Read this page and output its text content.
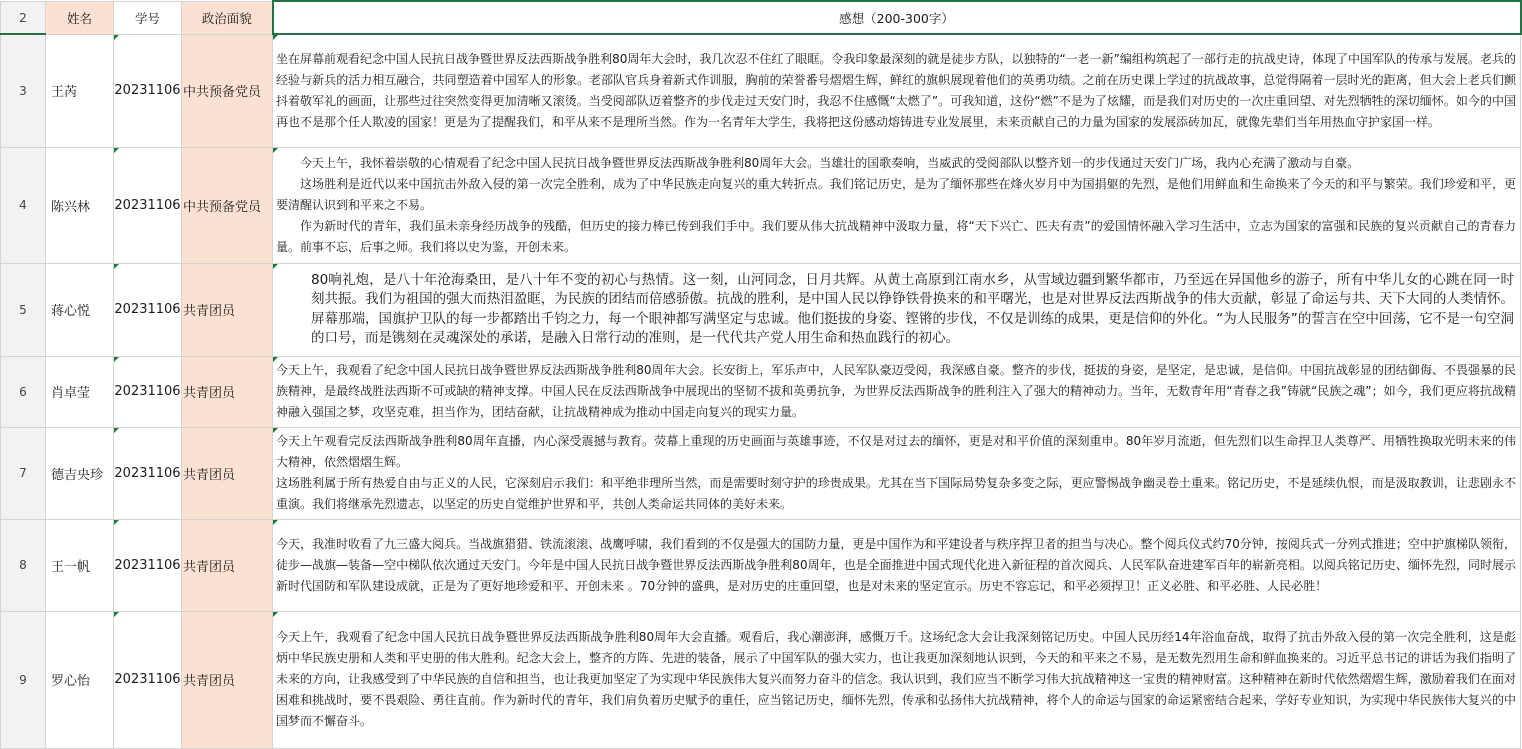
2	姓名	学号	政治面貌	感想（200-300字）
3	王芮	20231106	中共预备党员	坐在屏幕前观看纪念中国人民抗日战争暨世界反法西斯战争胜利80周年大会时，我几次忍不住红了眼眶。令我印象最深刻的就是徒步方队，以独特的“一老一新”编组构筑起了一部行走的抗战史诗，体现了中国军队的传承与发展。老兵的经验与新兵的活力相互融合，共同塑造着中国军人的形象。老部队官兵身着新式作训服，胸前的荣誉番号熠熠生辉，鲜红的旗帜展现着他们的英勇功绩。之前在历史课上学过的抗战故事，总觉得隔着一层时光的距离，但大会上老兵们颤抖着敬军礼的画面，让那些过往突然变得更加清晰又滚烫。当受阅部队迈着整齐的步伐走过天安门时，我忍不住感慨“太燃了”。可我知道，这份“燃”不是为了炫耀，而是我们对历史的一次庄重回望、对先烈牺牲的深切缅怀。如今的中国再也不是那个任人欺凌的国家！更是为了提醒我们，和平从来不是理所当然。作为一名青年大学生，我将把这份感动熔铸进专业发展里，未来贡献自己的力量为国家的发展添砖加瓦，就像先辈们当年用热血守护家国一样。

4	陈兴林	20231106	中共预备党员	今天上午，我怀着崇敬的心情观看了纪念中国人民抗日战争暨世界反法西斯战争胜利80周年大会。当雄壮的国歌奏响，当威武的受阅部队以整齐划一的步伐通过天安门广场，我内心充满了激动与自豪。
这场胜利是近代以来中国抗击外敌入侵的第一次完全胜利，成为了中华民族走向复兴的重大转折点。我们铭记历史，是为了缅怀那些在烽火岁月中为国捐躯的先烈，是他们用鲜血和生命换来了今天的和平与繁荣。我们珍爱和平，更要清醒认识到和平来之不易。
作为新时代的青年，我们虽未亲身经历战争的残酷，但历史的接力棒已传到我们手中。我们要从伟大抗战精神中汲取力量，将“天下兴亡、匹夫有责”的爱国情怀融入学习生活中，立志为国家的富强和民族的复兴贡献自己的青春力量。前事不忘，后事之师。我们将以史为鉴，开创未来。

5	蒋心悦	20231106	共青团员	80响礼炮，是八十年沧海桑田，是八十年不变的初心与热情。这一刻，山河同念，日月共辉。从黄土高原到江南水乡，从雪域边疆到繁华都市，乃至远在异国他乡的游子，所有中华儿女的心跳在同一时刻共振。我们为祖国的强大而热泪盈眶，为民族的团结而倍感骄傲。抗战的胜利，是中国人民以铮铮铁骨换来的和平曙光，也是对世界反法西斯战争的伟大贡献，彰显了命运与共、天下大同的人类情怀。屏幕那端，国旗护卫队的每一步都踏出千钧之力，每一个眼神都写满坚定与忠诚。他们挺拔的身姿、铿锵的步伐，不仅是训练的成果，更是信仰的外化。“为人民服务”的誓言在空中回荡，它不是一句空洞的口号，而是镌刻在灵魂深处的承诺，是融入日常行动的准则，是一代代共产党人用生命和热血践行的初心。

6	肖卓莹	20231106	共青团员	今天上午，我观看了纪念中国人民抗日战争暨世界反法西斯战争胜利80周年大会。长安街上，军乐声中，人民军队豪迈受阅，我深感自豪。整齐的步伐，挺拔的身姿，是坚定，是忠诚，是信仰。中国抗战彰显的团结御侮、不畏强暴的民族精神，是最终战胜法西斯不可或缺的精神支撑。中国人民在反法西斯战争中展现出的坚韧不拔和英勇抗争，为世界反法西斯战争的胜利注入了强大的精神动力。当年，无数青年用“青春之我”铸就“民族之魂”；如今，我们更应将抗战精神融入强国之梦，攻坚克难，担当作为，团结奋献，让抗战精神成为推动中国走向复兴的现实力量。

7	德吉央珍	20231106	共青团员	今天上午观看完反法西斯战争胜利80周年直播，内心深受震撼与教育。荧幕上重现的历史画面与英雄事迹，不仅是对过去的缅怀，更是对和平价值的深刻重申。80年岁月流逝，但先烈们以生命捍卫人类尊严、用牺牲换取光明未来的伟大精神，依然熠熠生辉。
这场胜利属于所有热爱自由与正义的人民，它深刻启示我们：和平绝非理所当然，而是需要时刻守护的珍贵成果。尤其在当下国际局势复杂多变之际，更应警惕战争幽灵卷土重来。铭记历史，不是延续仇恨，而是汲取教训，让悲剧永不重演。我们将继承先烈遗志，以坚定的历史自觉维护世界和平，共创人类命运共同体的美好未来。

8	王一帆	20231106	共青团员	今天，我准时收看了九三盛大阅兵。当战旗猎猎、铁流滚滚、战鹰呼啸，我们看到的不仅是强大的国防力量，更是中国作为和平建设者与秩序捍卫者的担当与决心。整个阅兵仪式约70分钟，按阅兵式一分列式推进；空中护旗梯队领衔，徒步—战旗—装备—空中梯队依次通过天安门。今年是中国人民抗日战争暨世界反法西斯战争胜利80周年，也是全面推进中国式现代化进入新征程的首次阅兵、人民军队奋进建军百年的崭新亮相。以阅兵铭记历史、缅怀先烈，同时展示新时代国防和军队建设成就，正是为了更好地珍爱和平、开创未来 。70分钟的盛典，是对历史的庄重回望，也是对未来的坚定宣示。历史不容忘记，和平必须捍卫！正义必胜、和平必胜、人民必胜！

9	罗心怡	20231106	共青团员	今天上午，我观看了纪念中国人民抗日战争暨世界反法西斯战争胜利80周年大会直播。观看后，我心潮澎湃，感慨万千。这场纪念大会让我深刻铭记历史。中国人民历经14年浴血奋战，取得了抗击外敌入侵的第一次完全胜利，这是彪炳中华民族史册和人类和平史册的伟大胜利。纪念大会上，整齐的方阵、先进的装备，展示了中国军队的强大实力，也让我更加深刻地认识到，今天的和平来之不易，是无数先烈用生命和鲜血换来的。习近平总书记的讲话为我们指明了未来的方向，让我感受到了中华民族的自信和担当，也让我更加坚定了为实现中华民族伟大复兴而努力奋斗的信念。我认识到，我们应当不断学习伟大抗战精神这一宝贵的精神财富。这种精神在新时代依然熠熠生辉，激励着我们在面对困难和挑战时，要不畏艰险、勇往直前。作为新时代的青年，我们肩负着历史赋予的重任，应当铭记历史，缅怀先烈，传承和弘扬伟大抗战精神，将个人的命运与国家的命运紧密结合起来，学好专业知识，为实现中华民族伟大复兴的中国梦而不懈奋斗。
